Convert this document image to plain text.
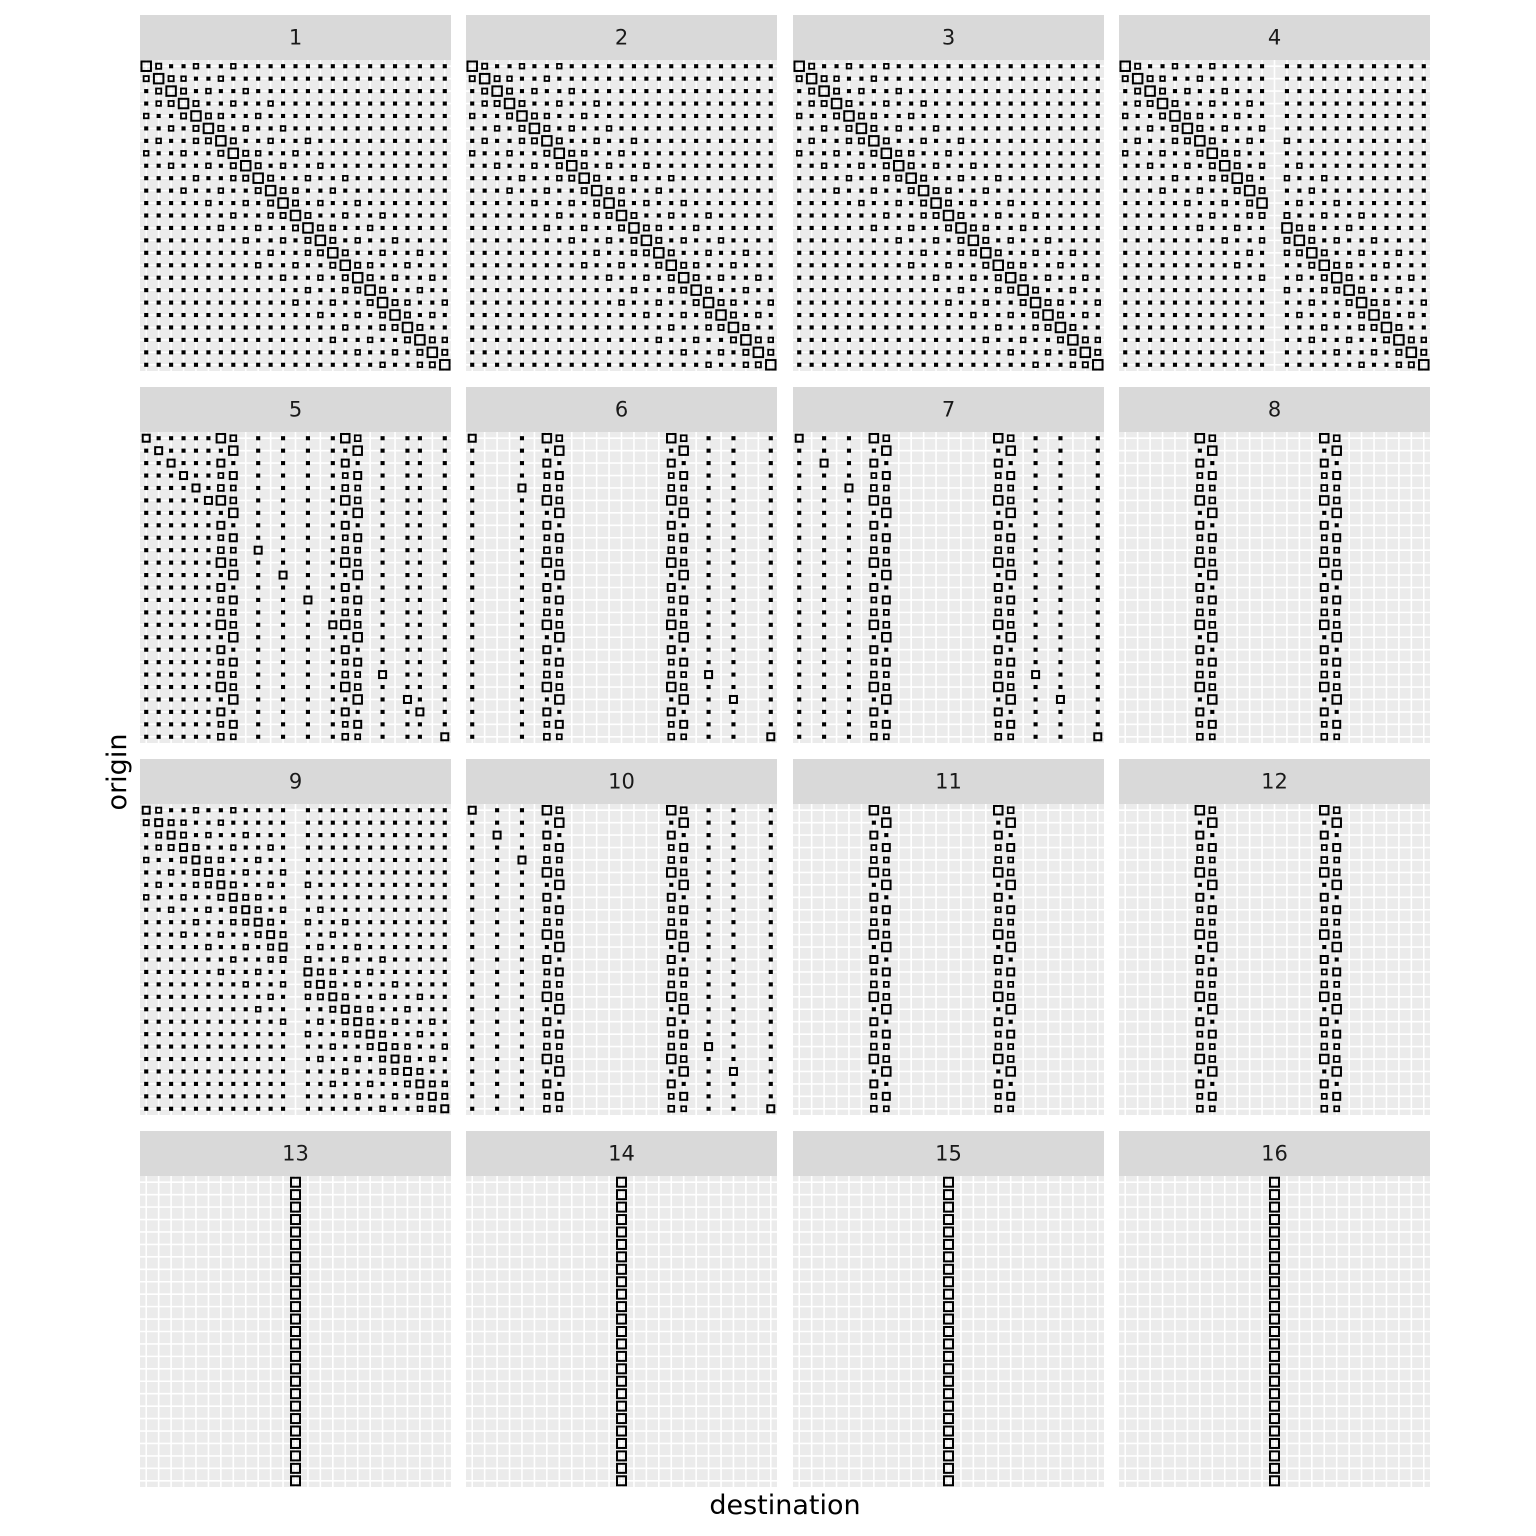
1	2	3	4
5	6	7	8
9	10	11	12
13	14	15	16
destination
origin
